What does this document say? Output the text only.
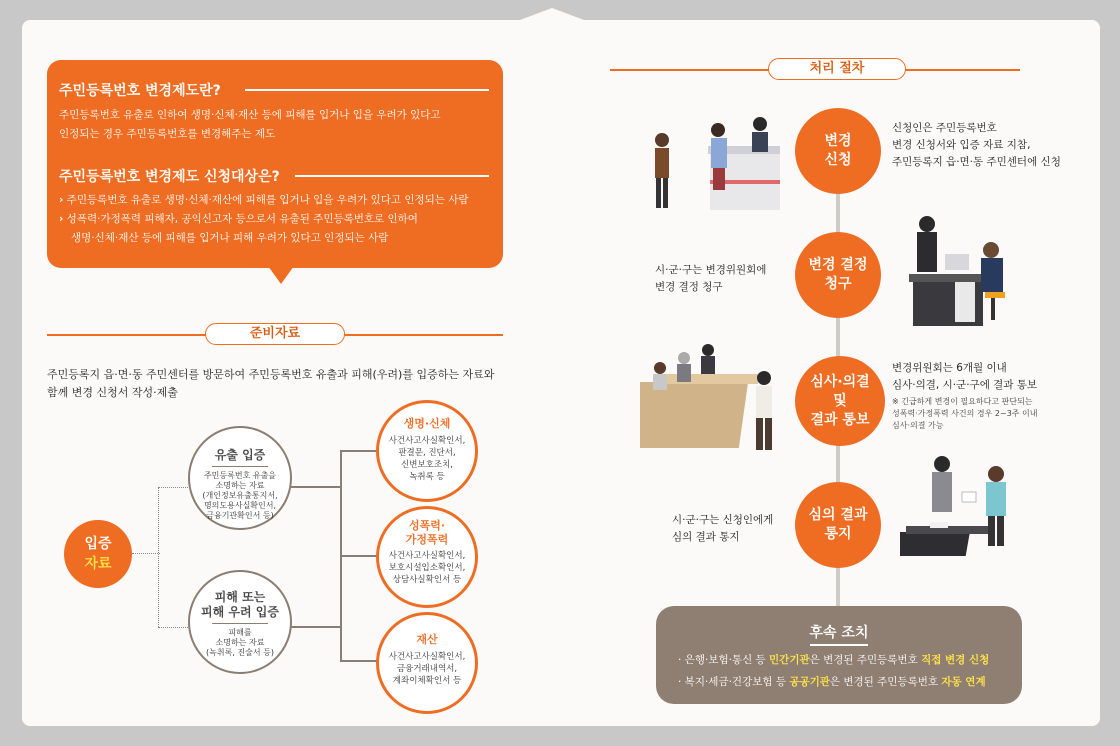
주민등록번호 변경제도란?

주민등록번호 유출로 인하여 생명·신체·재산 등에 피해를 입거나 입을 우려가 있다고

인정되는 경우 주민등록번호를 변경해주는 제도

주민등록번호 변경제도 신청대상은?
› 주민등록번호 유출로 생명·신체·재산에 피해를 입거나 입을 우려가 있다고 인정되는 사람
› 성폭력·가정폭력 피해자, 공익신고자 등으로서 유출된 주민등록번호로 인하여
생명·신체·재산 등에 피해를 입거나 피해 우려가 있다고 인정되는 사람
준비자료
주민등록지 읍·면·동 주민센터를 방문하여 주민등록번호 유출과 피해(우려)를 입증하는 자료와
함께 변경 신청서 작성·제출
입증
자료
유출 입증
주민등록번호 유출을
소명하는 자료
(개인정보유출통지서,
명의도용사실확인서,
금융기관확인서 등)
피해 또는
피해 우려 입증
피해를
소명하는 자료
(녹취록, 진술서 등)
생명·신체
사건사고사실확인서,
판결문, 진단서,
신변보호조치,
녹취록 등
성폭력·
가정폭력
사건사고사실확인서,
보호시설입소확인서,
상담사실확인서 등
재산
사건사고사실확인서,
금융거래내역서,
계좌이체확인서 등
처리 절차
변경
신청
변경 결정
청구
심사·의결
및
결과 통보
심의 결과
통지
신청인은 주민등록번호
변경 신청서와 입증 자료 지참,
주민등록지 읍·면·동 주민센터에 신청
시·군·구는 변경위원회에
변경 결정 청구
변경위원회는 6개월 이내
심사·의결, 시·군·구에 결과 통보
※ 긴급하게 변경이 필요하다고 판단되는
성폭력·가정폭력 사건의 경우 2~3주 이내
심사·의결 가능
시·군·구는 신청인에게
심의 결과 통지
후속 조치
· 은행·보험·통신 등 민간기관은 변경된 주민등록번호 직접 변경 신청
· 복지·세금·건강보험 등 공공기관은 변경된 주민등록번호 자동 연계
